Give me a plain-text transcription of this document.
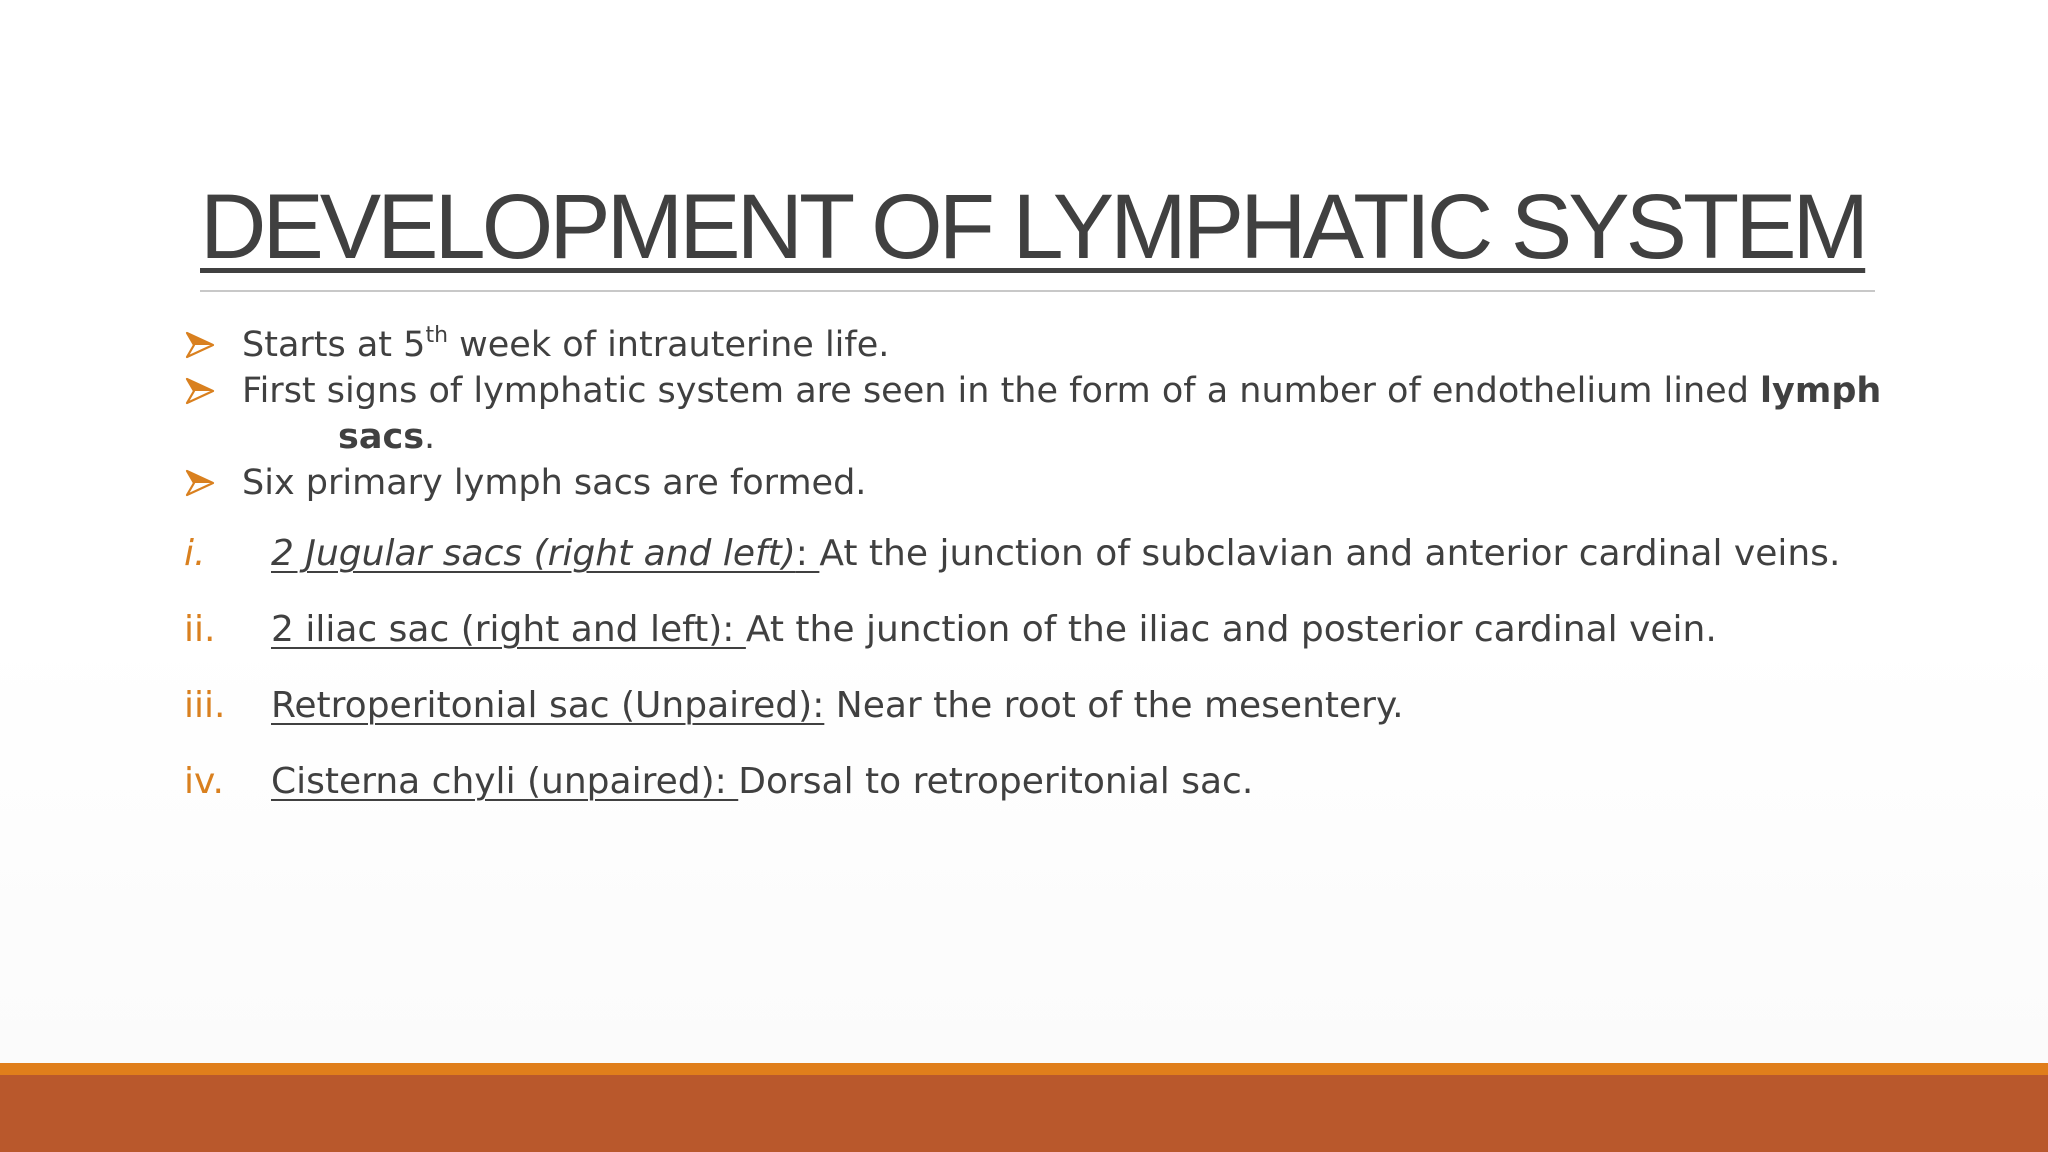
DEVELOPMENT OF LYMPHATIC SYSTEM
Starts at 5th week of intrauterine life.
First signs of lymphatic system are seen in the form of a number of endothelium lined lymph
sacs.
Six primary lymph sacs are formed.
i. 2 Jugular sacs (right and left): At the junction of subclavian and anterior cardinal veins.
ii. 2 iliac sac (right and left): At the junction of the iliac and posterior cardinal vein.
iii. Retroperitonial sac (Unpaired): Near the root of the mesentery.
iv. Cisterna chyli (unpaired): Dorsal to retroperitonial sac.
